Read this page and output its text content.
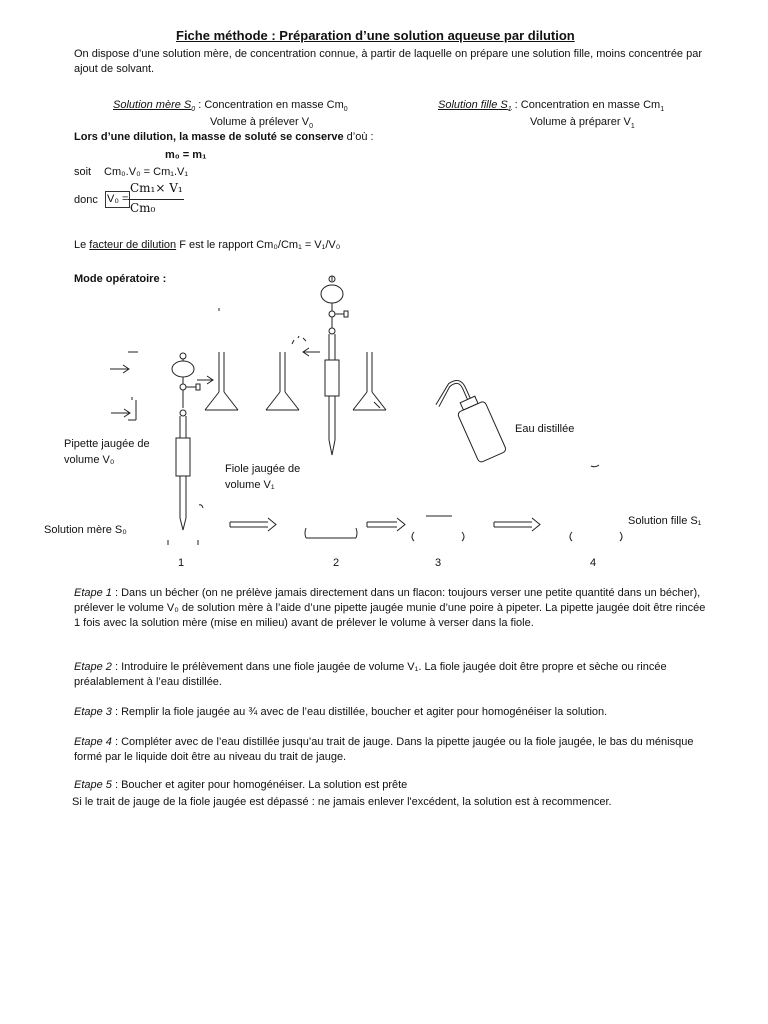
Fiche méthode : Préparation d’une solution aqueuse par dilution
On dispose d’une solution mère, de concentration connue, à partir de laquelle on prépare une solution fille, moins concentrée par ajout de solvant.
Solution mère $S_0$ : Concentration en masse $Cm_0$
Volume à prélever $V_0$
Solution fille $S_1$ : Concentration en masse $Cm_1$
Volume à préparer $V_1$
Lors d’une dilution, la masse de soluté se conserve d’où :
m₀ = m₁
soit Cm₀.V₀ = Cm₁.V₁
donc V₀ =
Cm₁× V₁
Cm₀
Le facteur de dilution F est le rapport Cm₀/Cm₁ = V₁/V₀
Mode opératoire :
Pipette jaugée de
volume V₀
Fiole jaugée de
volume V₁
Eau distillée
Solution mère S₀
Solution fille S₁
1	2	3	4
Etape 1 : Dans un bécher (on ne prélève jamais directement dans un flacon: toujours verser une petite quantité dans un bécher), prélever le volume V₀ de solution mère à l’aide d’une pipette jaugée munie d’une poire à pipeter. La pipette jaugée doit être rincée 1 fois avec la solution mère (mise en milieu) avant de prélever le volume à verser dans la fiole.
Etape 2 : Introduire le prélèvement dans une fiole jaugée de volume V₁. La fiole jaugée doit être propre et sèche ou rincée préalablement à l’eau distillée.
Etape 3 : Remplir la fiole jaugée au ¾ avec de l’eau distillée, boucher et agiter pour homogénéiser la solution.
Etape 4 : Compléter avec de l’eau distillée jusqu’au trait de jauge. Dans la pipette jaugée ou la fiole jaugée, le bas du ménisque formé par le liquide doit être au niveau du trait de jauge.
Etape 5 : Boucher et agiter pour homogénéiser. La solution est prête
Si le trait de jauge de la fiole jaugée est dépassé : ne jamais enlever l'excédent, la solution est à recommencer.
